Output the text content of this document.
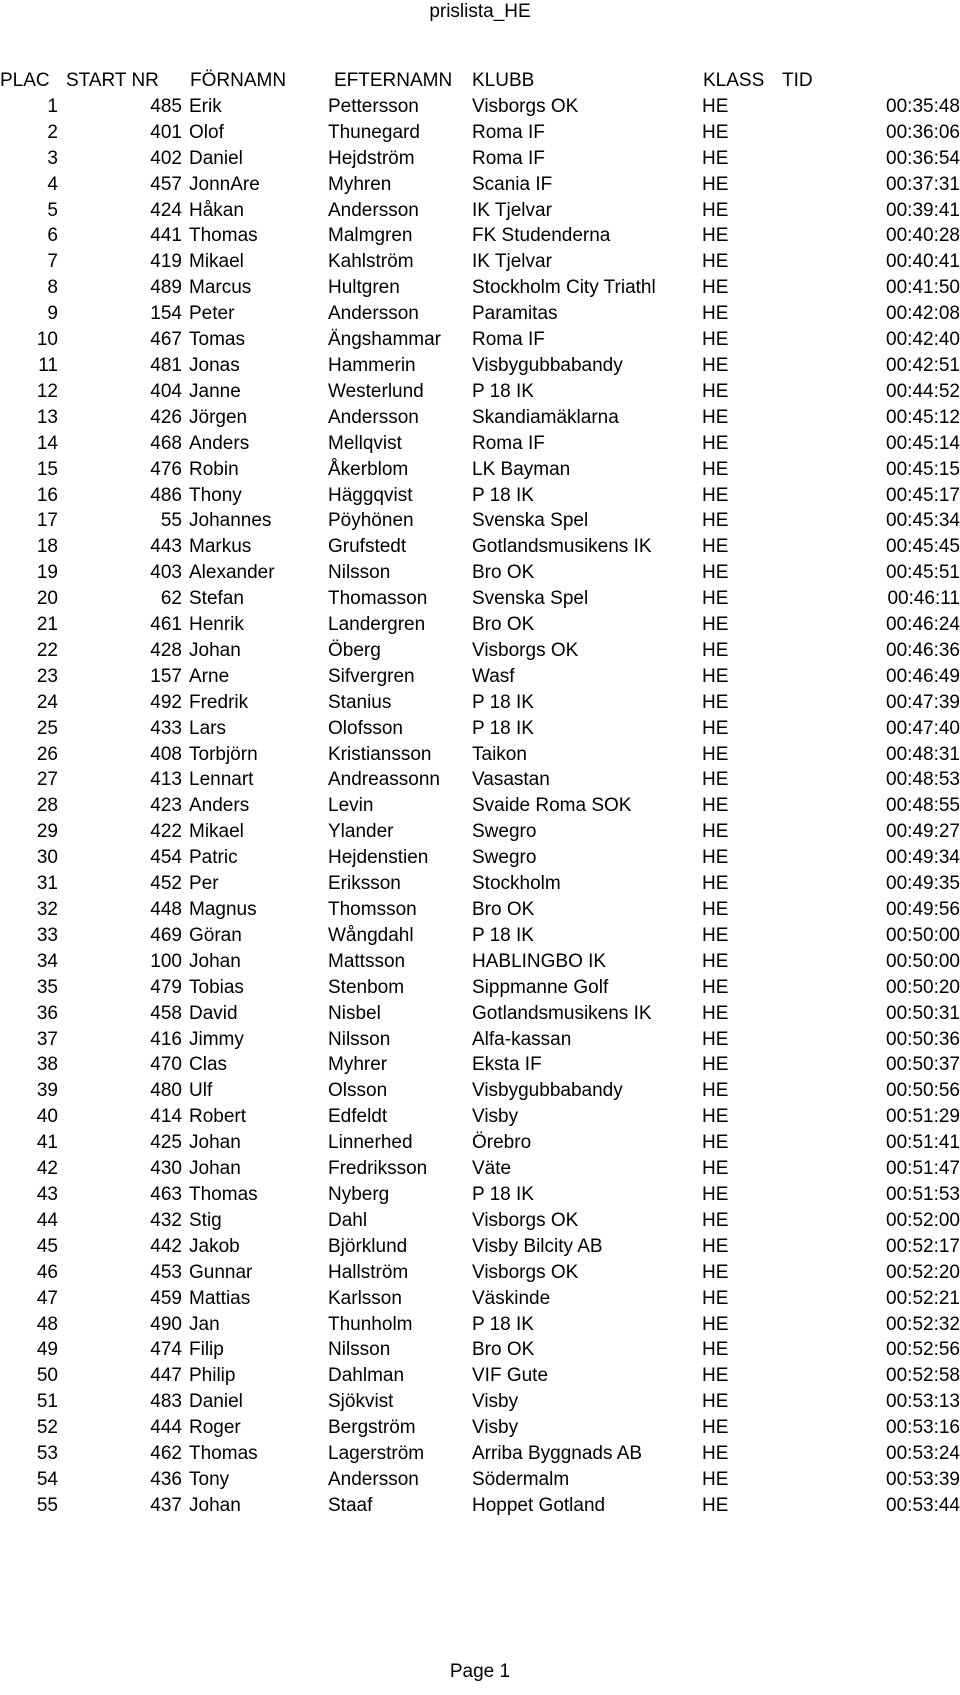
prislista_HE
PLAC	START NR	FÖRNAMN	EFTERNAMN	KLUBB	KLASS	TID
1	485	Erik	Pettersson	Visborgs OK	HE	00:35:48
2	401	Olof	Thunegard	Roma IF	HE	00:36:06
3	402	Daniel	Hejdström	Roma IF	HE	00:36:54
4	457	JonnAre	Myhren	Scania IF	HE	00:37:31
5	424	Håkan	Andersson	IK Tjelvar	HE	00:39:41
6	441	Thomas	Malmgren	FK Studenderna	HE	00:40:28
7	419	Mikael	Kahlström	IK Tjelvar	HE	00:40:41
8	489	Marcus	Hultgren	Stockholm City Triathl	HE	00:41:50
9	154	Peter	Andersson	Paramitas	HE	00:42:08
10	467	Tomas	Ängshammar	Roma IF	HE	00:42:40
11	481	Jonas	Hammerin	Visbygubbabandy	HE	00:42:51
12	404	Janne	Westerlund	P 18 IK	HE	00:44:52
13	426	Jörgen	Andersson	Skandiamäklarna	HE	00:45:12
14	468	Anders	Mellqvist	Roma IF	HE	00:45:14
15	476	Robin	Åkerblom	LK Bayman	HE	00:45:15
16	486	Thony	Häggqvist	P 18 IK	HE	00:45:17
17	55	Johannes	Pöyhönen	Svenska Spel	HE	00:45:34
18	443	Markus	Grufstedt	Gotlandsmusikens IK	HE	00:45:45
19	403	Alexander	Nilsson	Bro OK	HE	00:45:51
20	62	Stefan	Thomasson	Svenska Spel	HE	00:46:11
21	461	Henrik	Landergren	Bro OK	HE	00:46:24
22	428	Johan	Öberg	Visborgs OK	HE	00:46:36
23	157	Arne	Sifvergren	Wasf	HE	00:46:49
24	492	Fredrik	Stanius	P 18 IK	HE	00:47:39
25	433	Lars	Olofsson	P 18 IK	HE	00:47:40
26	408	Torbjörn	Kristiansson	Taikon	HE	00:48:31
27	413	Lennart	Andreassonn	Vasastan	HE	00:48:53
28	423	Anders	Levin	Svaide Roma SOK	HE	00:48:55
29	422	Mikael	Ylander	Swegro	HE	00:49:27
30	454	Patric	Hejdenstien	Swegro	HE	00:49:34
31	452	Per	Eriksson	Stockholm	HE	00:49:35
32	448	Magnus	Thomsson	Bro OK	HE	00:49:56
33	469	Göran	Wångdahl	P 18 IK	HE	00:50:00
34	100	Johan	Mattsson	HABLINGBO IK	HE	00:50:00
35	479	Tobias	Stenbom	Sippmanne Golf	HE	00:50:20
36	458	David	Nisbel	Gotlandsmusikens IK	HE	00:50:31
37	416	Jimmy	Nilsson	Alfa-kassan	HE	00:50:36
38	470	Clas	Myhrer	Eksta IF	HE	00:50:37
39	480	Ulf	Olsson	Visbygubbabandy	HE	00:50:56
40	414	Robert	Edfeldt	Visby	HE	00:51:29
41	425	Johan	Linnerhed	Örebro	HE	00:51:41
42	430	Johan	Fredriksson	Väte	HE	00:51:47
43	463	Thomas	Nyberg	P 18 IK	HE	00:51:53
44	432	Stig	Dahl	Visborgs OK	HE	00:52:00
45	442	Jakob	Björklund	Visby Bilcity AB	HE	00:52:17
46	453	Gunnar	Hallström	Visborgs OK	HE	00:52:20
47	459	Mattias	Karlsson	Väskinde	HE	00:52:21
48	490	Jan	Thunholm	P 18 IK	HE	00:52:32
49	474	Filip	Nilsson	Bro OK	HE	00:52:56
50	447	Philip	Dahlman	VIF Gute	HE	00:52:58
51	483	Daniel	Sjökvist	Visby	HE	00:53:13
52	444	Roger	Bergström	Visby	HE	00:53:16
53	462	Thomas	Lagerström	Arriba Byggnads AB	HE	00:53:24
54	436	Tony	Andersson	Södermalm	HE	00:53:39
55	437	Johan	Staaf	Hoppet Gotland	HE	00:53:44
Page 1
